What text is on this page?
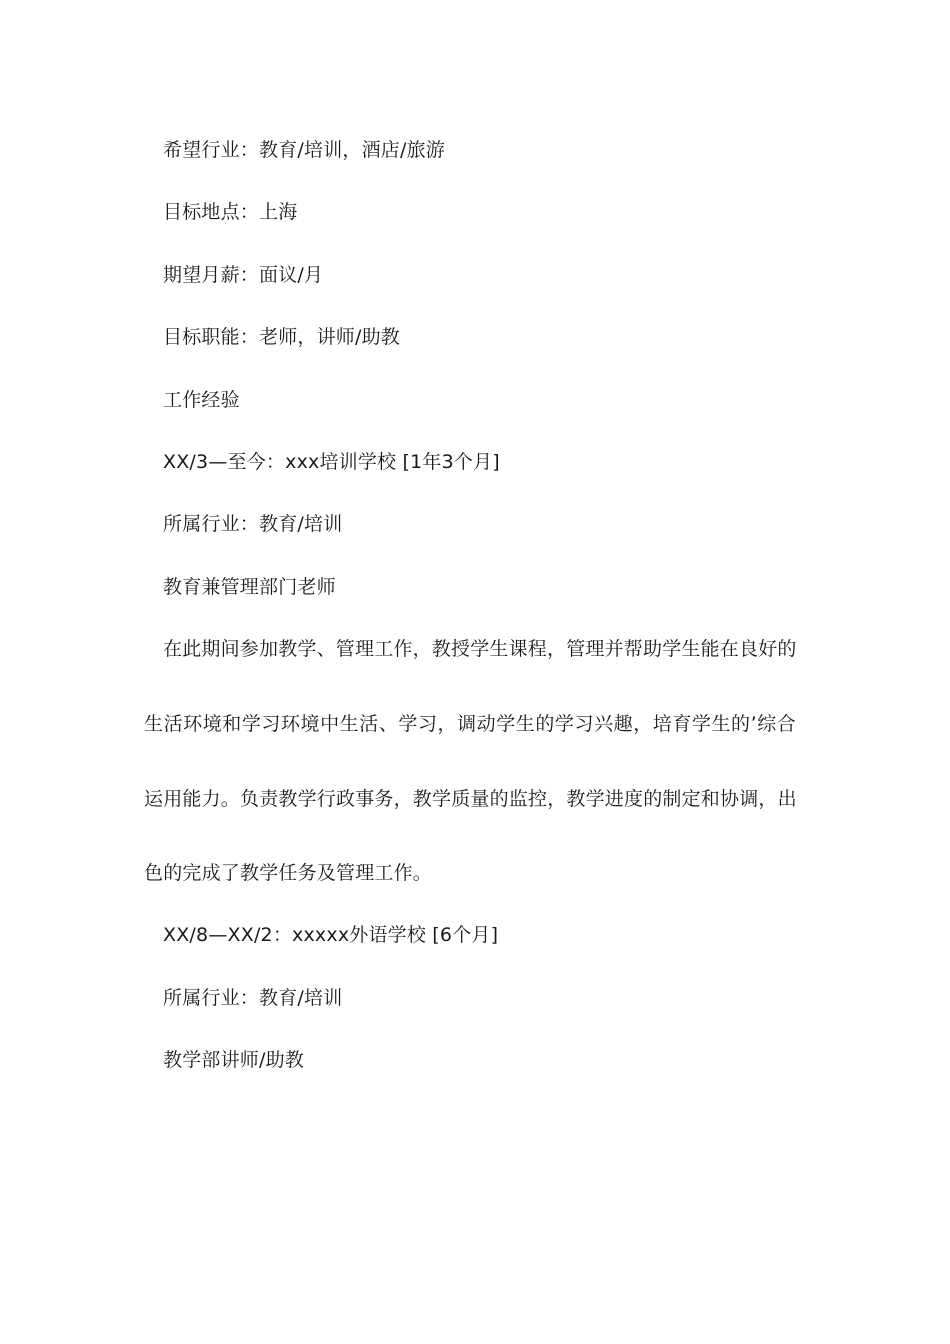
希望行业：教育/培训，酒店/旅游
目标地点：上海
期望月薪：面议/月
目标职能：老师，讲师/助教
工作经验
XX/3—至今：xxx培训学校 [1年3个月]
所属行业：教育/培训
教育兼管理部门老师
在此期间参加教学、管理工作，教授学生课程，管理并帮助学生能在良好的
生活环境和学习环境中生活、学习，调动学生的学习兴趣，培育学生的’综合
运用能力。负责教学行政事务，教学质量的监控，教学进度的制定和协调，出
色的完成了教学任务及管理工作。
XX/8—XX/2：xxxxx外语学校 [6个月]
所属行业：教育/培训
教学部讲师/助教
